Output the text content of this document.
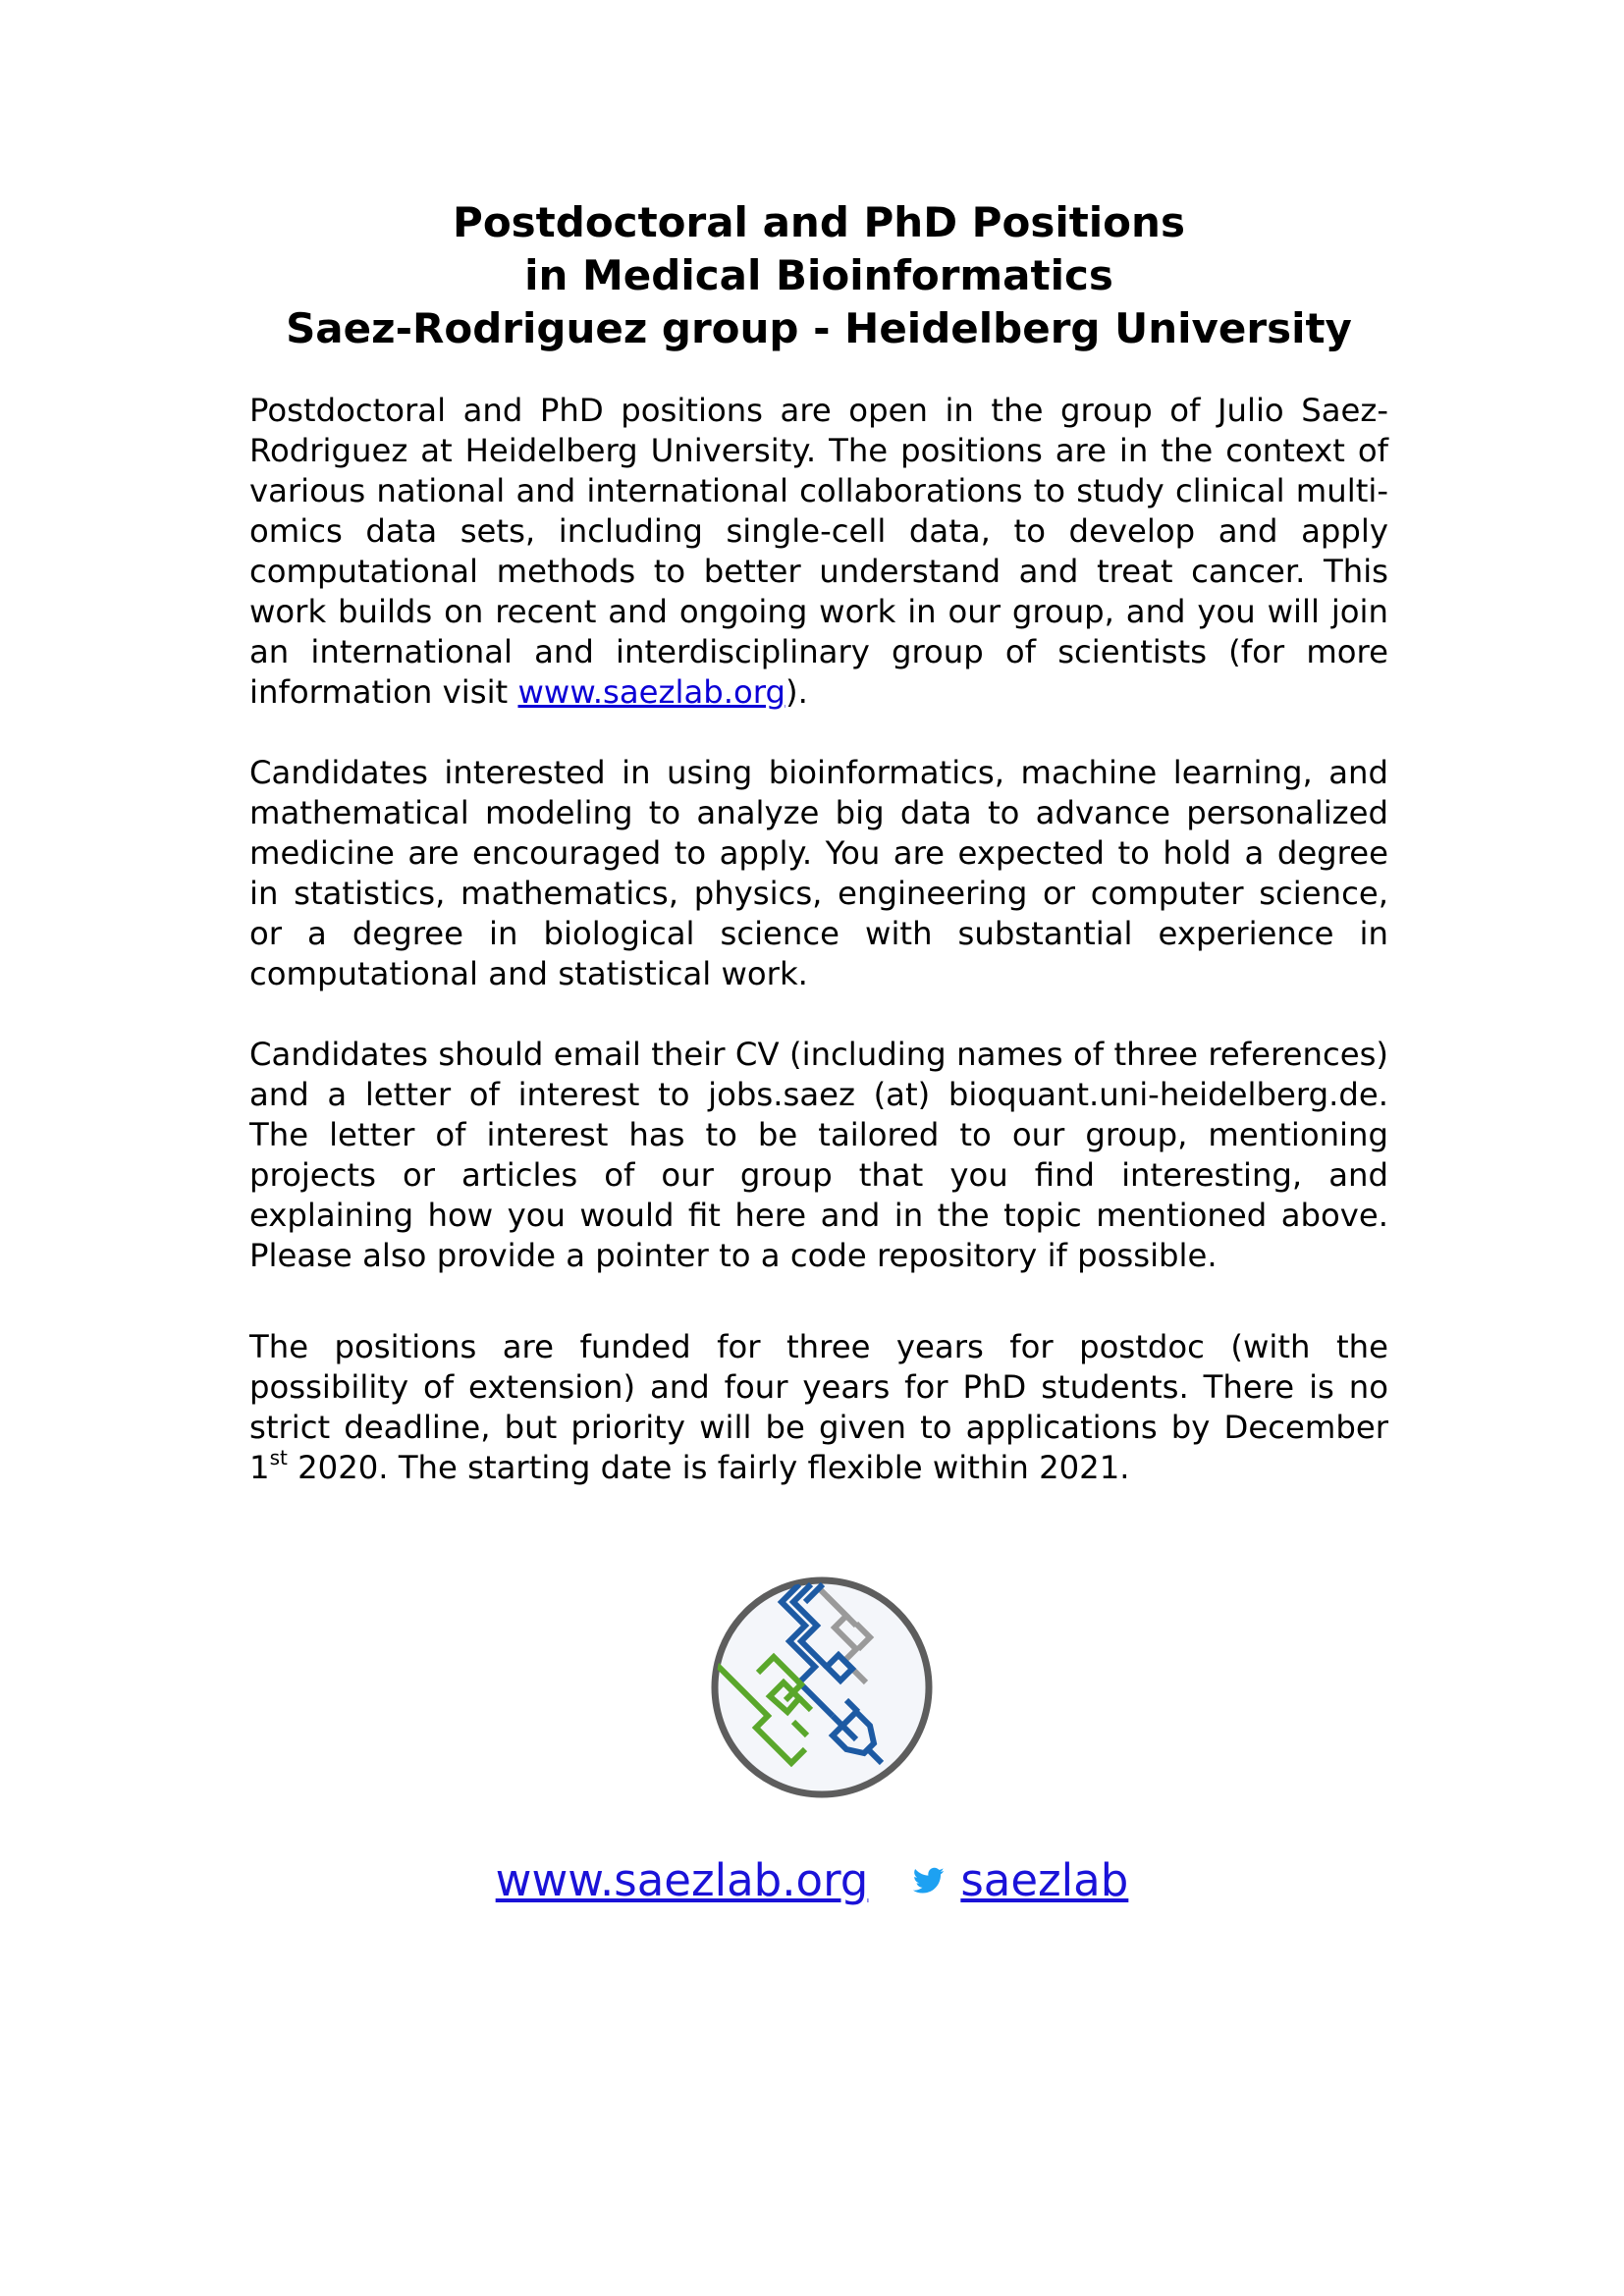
Postdoctoral and PhD Positions
in Medical Bioinformatics
Saez-Rodriguez group - Heidelberg University

Postdoctoral and PhD positions are open in the group of Julio Saez-Rodriguez at Heidelberg University. The positions are in the context of various national and international collaborations to study clinical multi-omics data sets, including single-cell data, to develop and apply computational methods to better understand and treat cancer. This work builds on recent and ongoing work in our group, and you will join an international and interdisciplinary group of scientists (for more information visit www.saezlab.org).

Candidates interested in using bioinformatics, machine learning, and mathematical modeling to analyze big data to advance personalized medicine are encouraged to apply. You are expected to hold a degree in statistics, mathematics, physics, engineering or computer science, or a degree in biological science with substantial experience in computational and statistical work.

Candidates should email their CV (including names of three references) and a letter of interest to jobs.saez (at) bioquant.uni-heidelberg.de. The letter of interest has to be tailored to our group, mentioning projects or articles of our group that you find interesting, and explaining how you would fit here and in the topic mentioned above. Please also provide a pointer to a code repository if possible.

The positions are funded for three years for postdoc (with the possibility of extension) and four years for PhD students. There is no strict deadline, but priority will be given to applications by December 1st 2020. The starting date is fairly flexible within 2021.

www.saezlab.org saezlab
